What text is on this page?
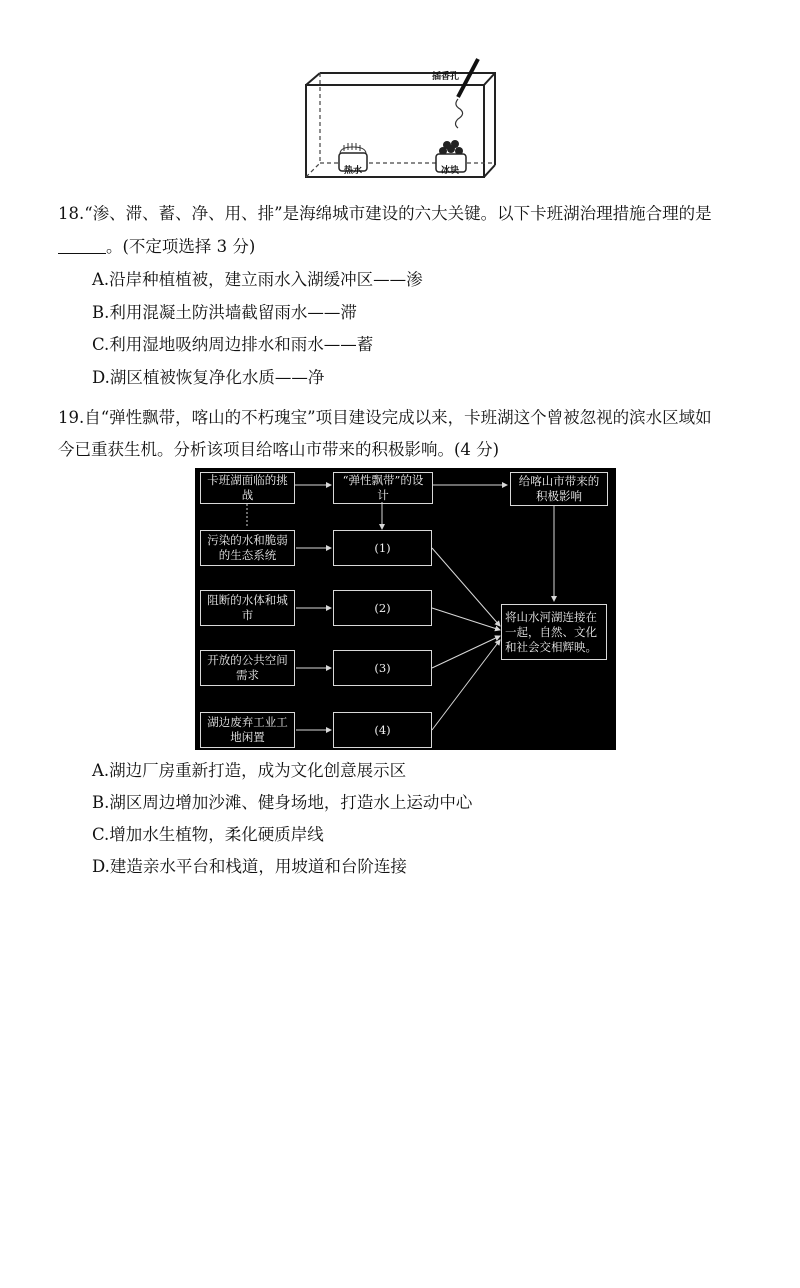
插香孔
热水	冰块
18.“渗、滞、蓄、净、用、排”是海绵城市建设的六大关键。以下卡班湖治理措施合理的是
。(不定项选择 3 分)
A.沿岸种植植被，建立雨水入湖缓冲区——渗
B.利用混凝土防洪墙截留雨水——滞
C.利用湿地吸纳周边排水和雨水——蓄
D.湖区植被恢复净化水质——净
19.自“弹性飘带，喀山的不朽瑰宝”项目建设完成以来，卡班湖这个曾被忽视的滨水区域如
今已重获生机。分析该项目给喀山市带来的积极影响。(4 分)
卡班湖面临的挑战
“弹性飘带”的设计
给喀山市带来的积极影响
污染的水和脆弱的生态系统
阻断的水体和城市
开放的公共空间需求
湖边废弃工业工地闲置
(1)
(2)
(3)
(4)
将山水河湖连接在一起，自然、文化和社会交相辉映。
A.湖边厂房重新打造，成为文化创意展示区
B.湖区周边增加沙滩、健身场地，打造水上运动中心
C.增加水生植物，柔化硬质岸线
D.建造亲水平台和栈道，用坡道和台阶连接
